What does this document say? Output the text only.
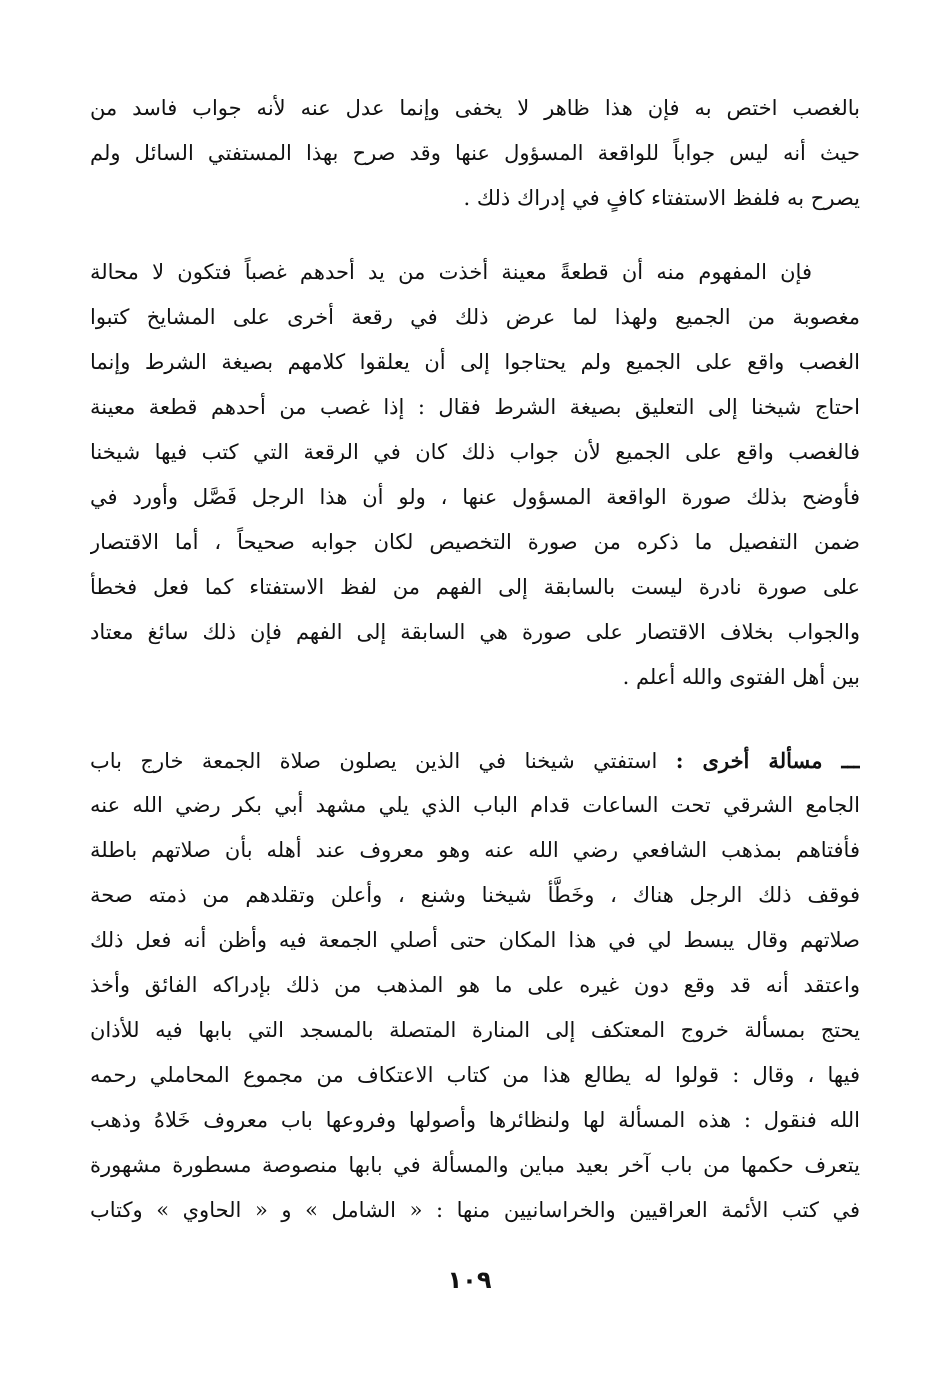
بالغصب اختص به فإن هذا ظاهر لا يخفى وإنما عدل عنه لأنه جواب فاسد من
حيث أنه ليس جواباً للواقعة المسؤول عنها وقد صرح بهذا المستفتي السائل ولم
يصرح به فلفظ الاستفتاء كافٍ في إدراك ذلك .
فإن المفهوم منه أن قطعةً معينة أخذت من يد أحدهم غصباً فتكون لا محالة
مغصوبة من الجميع ولهذا لما عرض ذلك في رقعة أخرى على المشايخ كتبوا
الغصب واقع على الجميع ولم يحتاجوا إلى أن يعلقوا كلامهم بصيغة الشرط وإنما
احتاج شيخنا إلى التعليق بصيغة الشرط فقال : إذا غصب من أحدهم قطعة معينة
فالغصب واقع على الجميع لأن جواب ذلك كان في الرقعة التي كتب فيها شيخنا
فأوضح بذلك صورة الواقعة المسؤول عنها ، ولو أن هذا الرجل فَصَّل وأورد في
ضمن التفصيل ما ذكره من صورة التخصيص لكان جوابه صحيحاً ، أما الاقتصار
على صورة نادرة ليست بالسابقة إلى الفهم من لفظ الاستفتاء كما فعل فخطأ
والجواب بخلاف الاقتصار على صورة هي السابقة إلى الفهم فإن ذلك سائغ معتاد
بين أهل الفتوى والله أعلم .
ـــ مسألة أخرى : استفتي شيخنا في الذين يصلون صلاة الجمعة خارج باب
الجامع الشرقي تحت الساعات قدام الباب الذي يلي مشهد أبي بكر رضي الله عنه
فأفتاهم بمذهب الشافعي رضي الله عنه وهو معروف عند أهله بأن صلاتهم باطلة
فوقف ذلك الرجل هناك ، وخَطَّأ شيخنا وشنع ، وأعلن وتقلدهم من ذمته صحة
صلاتهم وقال يبسط لي في هذا المكان حتى أصلي الجمعة فيه وأظن أنه فعل ذلك
واعتقد أنه قد وقع دون غيره على ما هو المذهب من ذلك بإدراكه الفائق وأخذ
يحتج بمسألة خروج المعتكف إلى المنارة المتصلة بالمسجد التي بابها فيه للأذان
فيها ، وقال : قولوا له يطالع هذا من كتاب الاعتكاف من مجموع المحاملي رحمه
الله فنقول : هذه المسألة لها ولنظائرها وأصولها وفروعها باب معروف خَلاهُ وذهب
يتعرف حكمها من باب آخر بعيد مباين والمسألة في بابها منصوصة مسطورة مشهورة
في كتب الأئمة العراقيين والخراسانيين منها : « الشامل » و « الحاوي » وكتاب
١٠٩
